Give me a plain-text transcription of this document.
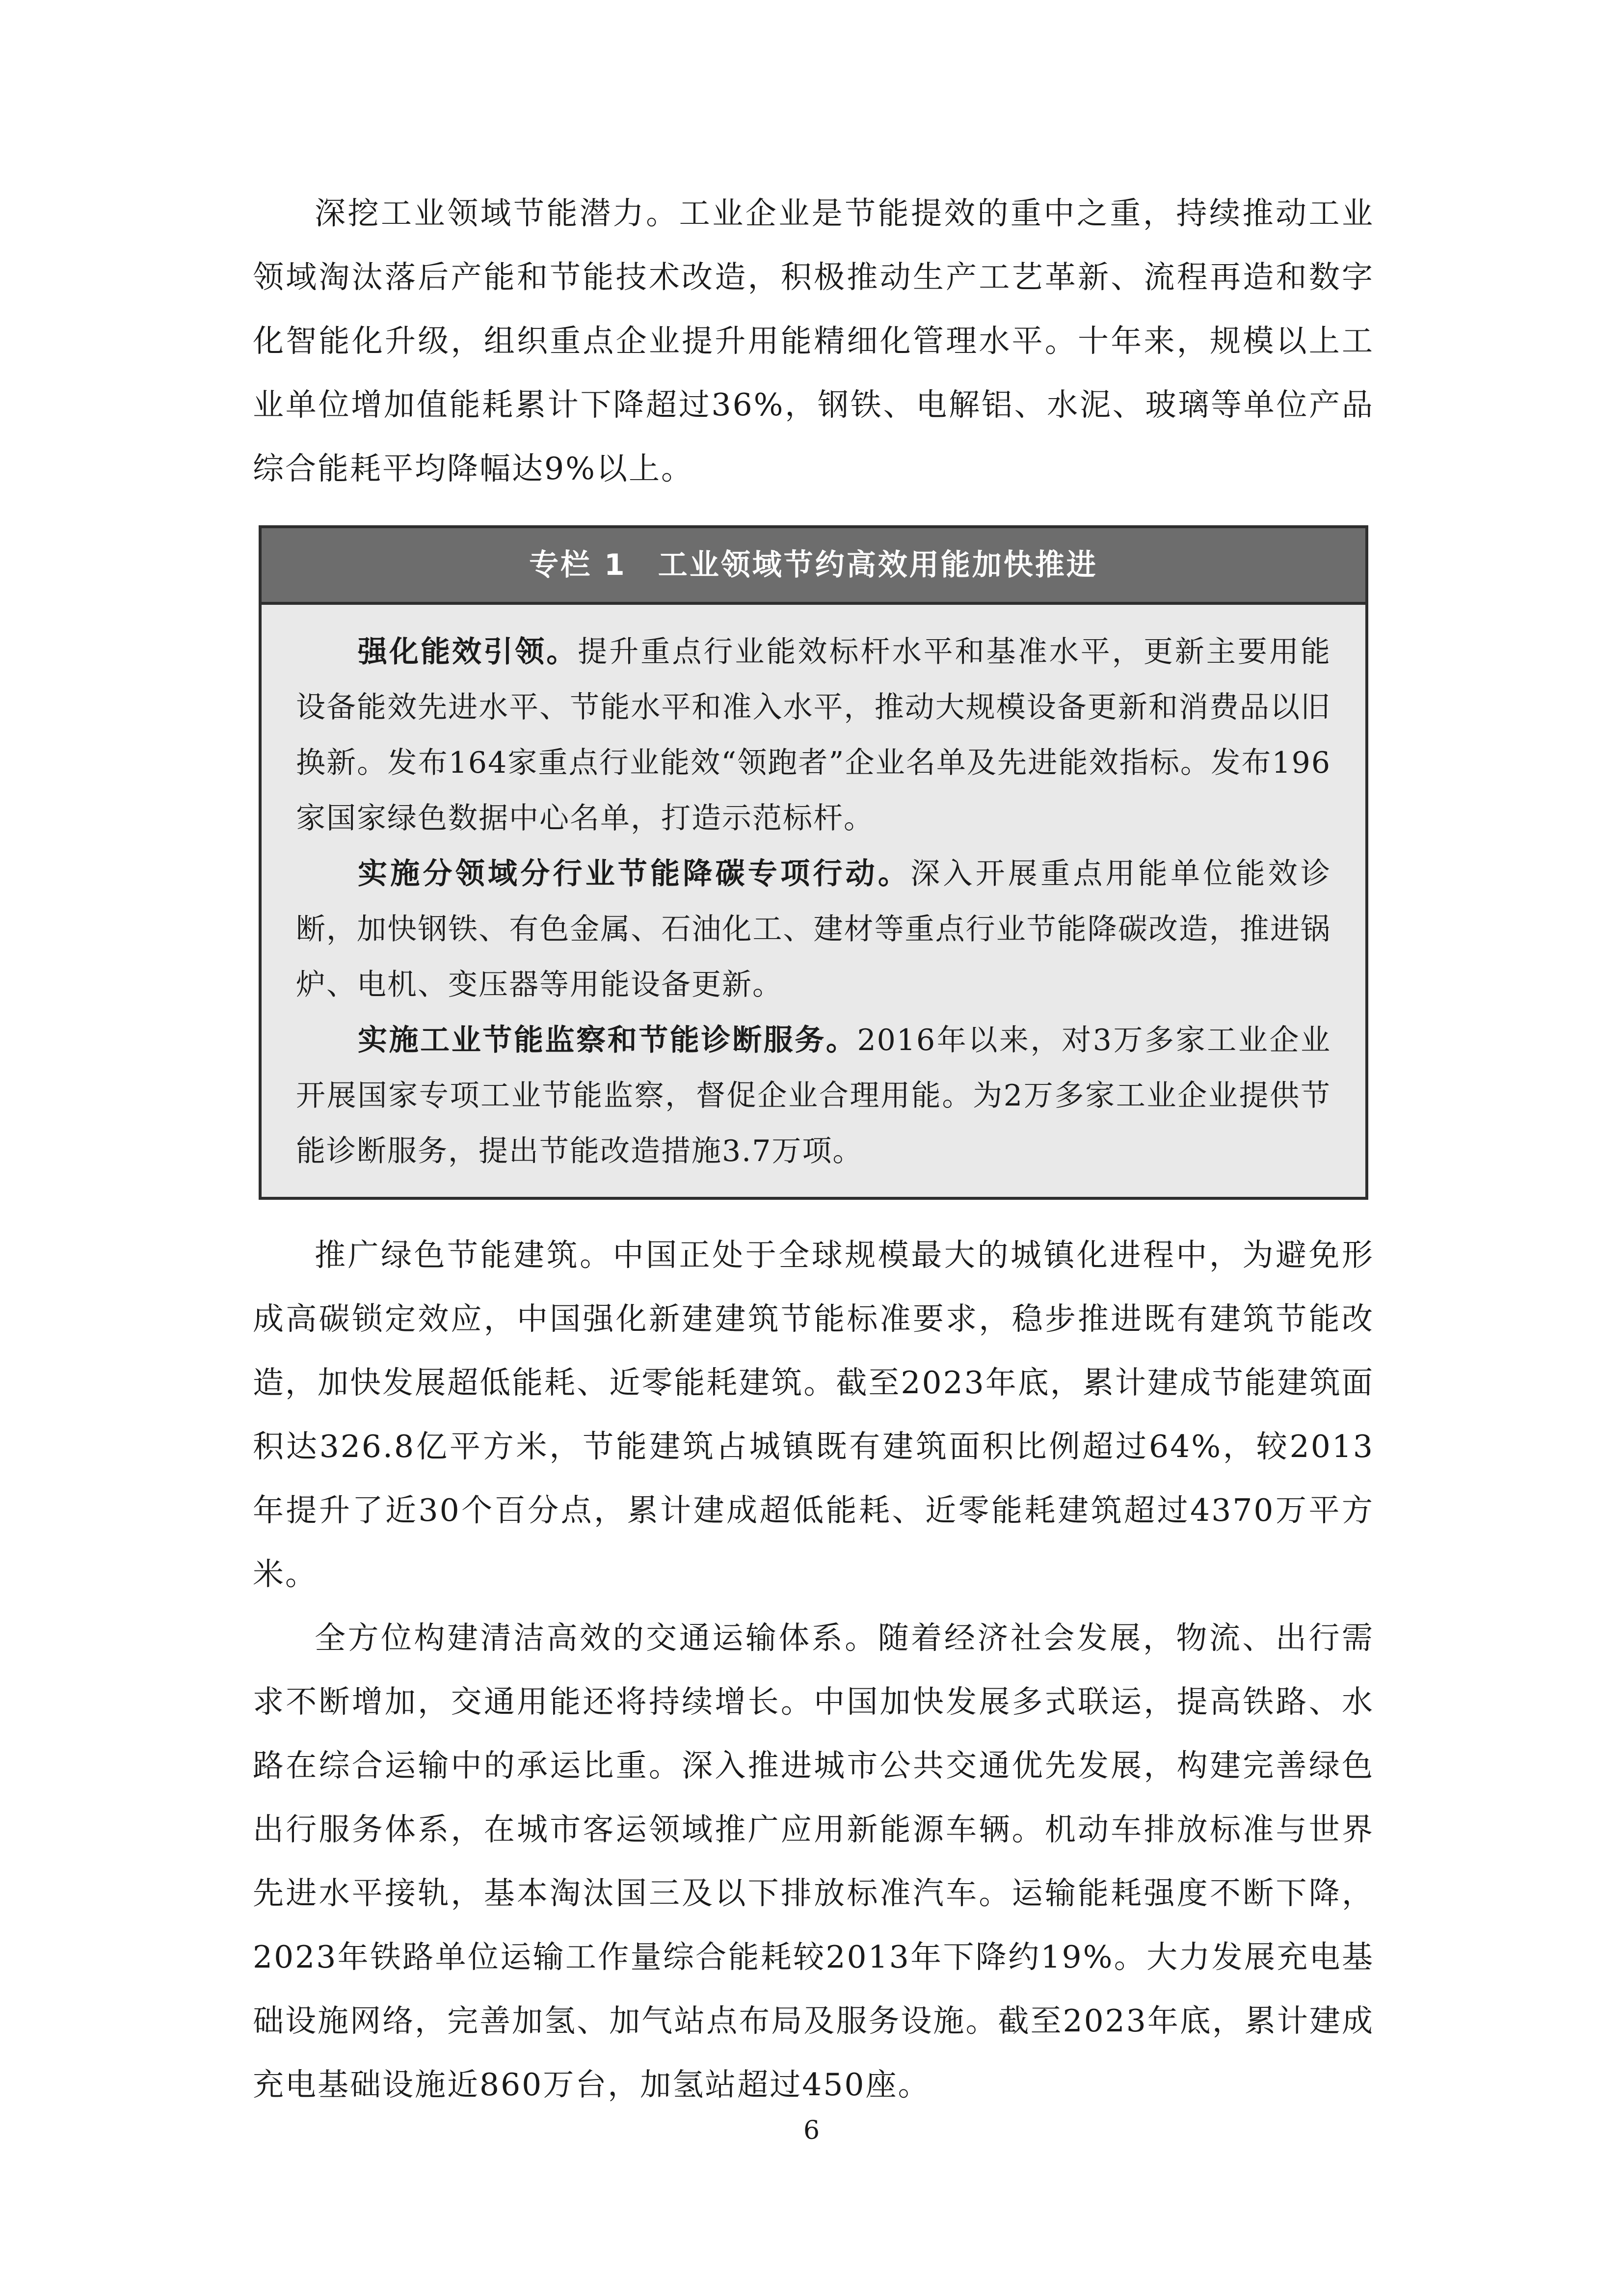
深挖工业领域节能潜力。工业企业是节能提效的重中之重，持续推动工业领域淘汰落后产能和节能技术改造，积极推动生产工艺革新、流程再造和数字化智能化升级，组织重点企业提升用能精细化管理水平。十年来，规模以上工业单位增加值能耗累计下降超过36%，钢铁、电解铝、水泥、玻璃等单位产品综合能耗平均降幅达9%以上。

专栏 1　工业领域节约高效用能加快推进

强化能效引领。提升重点行业能效标杆水平和基准水平，更新主要用能设备能效先进水平、节能水平和准入水平，推动大规模设备更新和消费品以旧换新。发布164家重点行业能效“领跑者”企业名单及先进能效指标。发布196家国家绿色数据中心名单，打造示范标杆。

实施分领域分行业节能降碳专项行动。深入开展重点用能单位能效诊断，加快钢铁、有色金属、石油化工、建材等重点行业节能降碳改造，推进锅炉、电机、变压器等用能设备更新。

实施工业节能监察和节能诊断服务。2016年以来，对3万多家工业企业开展国家专项工业节能监察，督促企业合理用能。为2万多家工业企业提供节能诊断服务，提出节能改造措施3.7万项。

推广绿色节能建筑。中国正处于全球规模最大的城镇化进程中，为避免形成高碳锁定效应，中国强化新建建筑节能标准要求，稳步推进既有建筑节能改造，加快发展超低能耗、近零能耗建筑。截至2023年底，累计建成节能建筑面积达326.8亿平方米，节能建筑占城镇既有建筑面积比例超过64%，较2013年提升了近30个百分点，累计建成超低能耗、近零能耗建筑超过4370万平方米。

全方位构建清洁高效的交通运输体系。随着经济社会发展，物流、出行需求不断增加，交通用能还将持续增长。中国加快发展多式联运，提高铁路、水路在综合运输中的承运比重。深入推进城市公共交通优先发展，构建完善绿色出行服务体系，在城市客运领域推广应用新能源车辆。机动车排放标准与世界先进水平接轨，基本淘汰国三及以下排放标准汽车。运输能耗强度不断下降，2023年铁路单位运输工作量综合能耗较2013年下降约19%。大力发展充电基础设施网络，完善加氢、加气站点布局及服务设施。截至2023年底，累计建成充电基础设施近860万台，加氢站超过450座。

6
